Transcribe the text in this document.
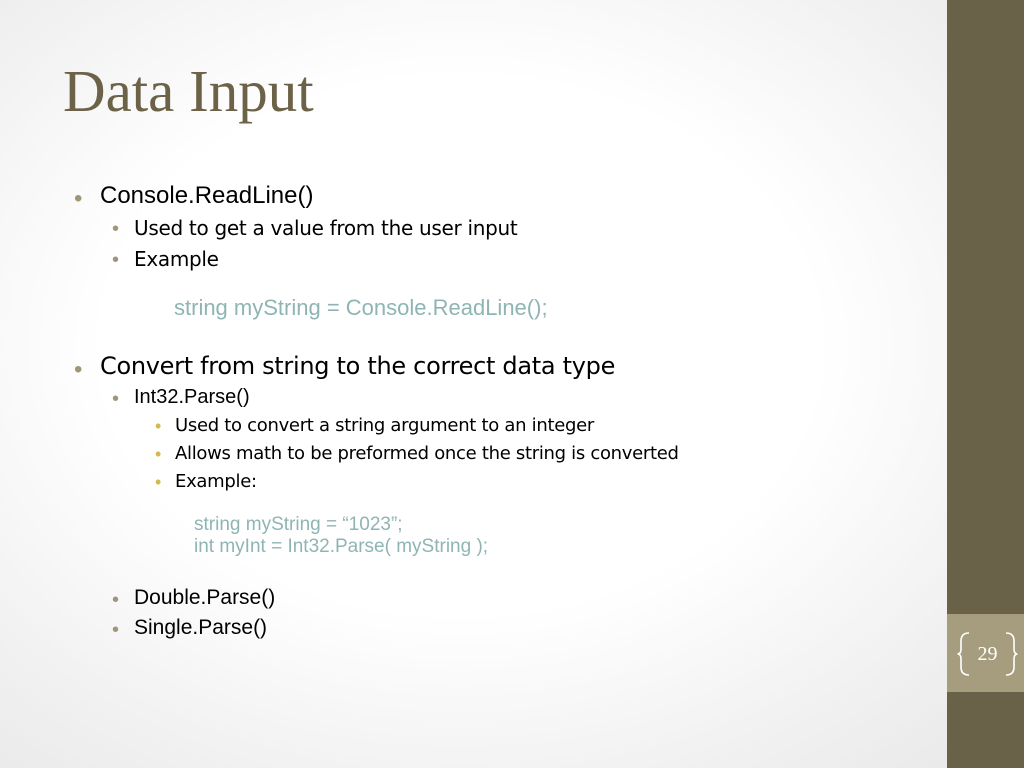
Data Input
• Console.ReadLine()
• Used to get a value from the user input
• Example
string myString = Console.ReadLine();
• Convert from string to the correct data type
• Int32.Parse()
• Used to convert a string argument to an integer
• Allows math to be preformed once the string is converted
• Example:
string myString = “1023”;
int myInt = Int32.Parse( myString );
• Double.Parse()
• Single.Parse()
29
